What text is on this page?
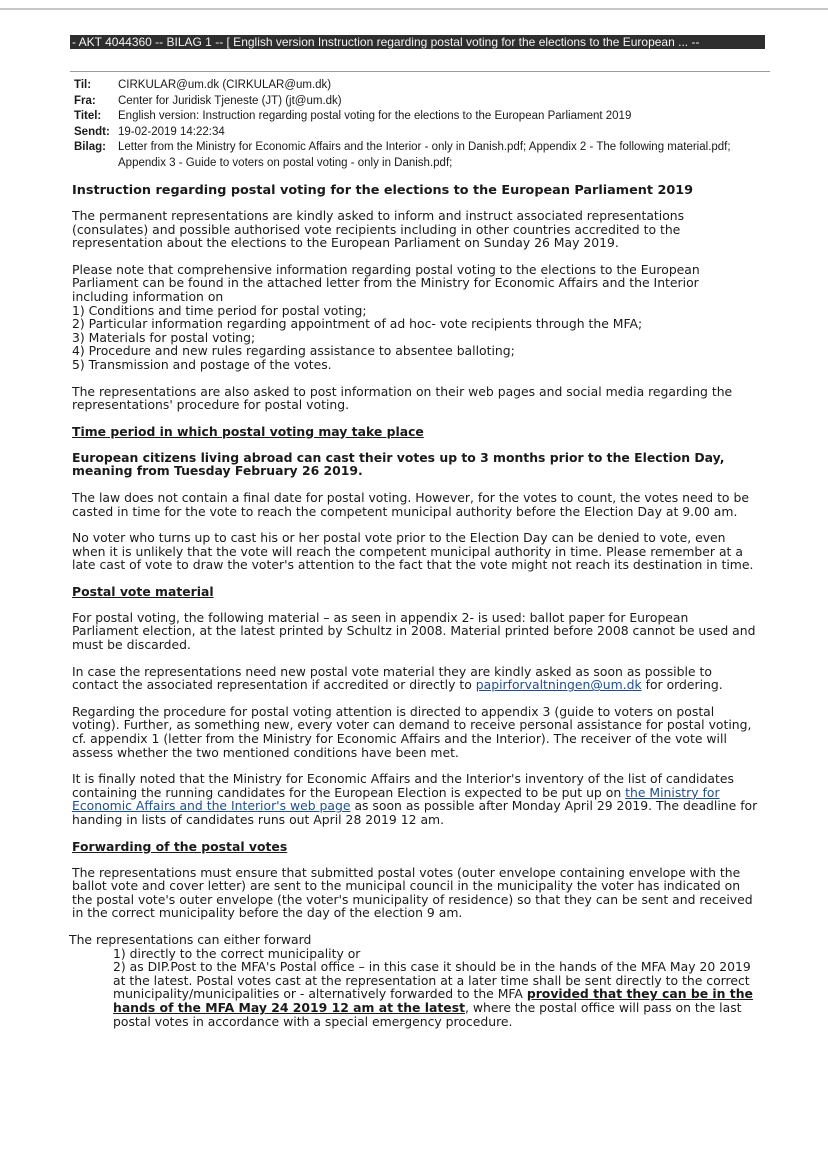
- AKT 4044360 -- BILAG 1 -- [ English version Instruction regarding postal voting for the elections to the European ... --
Til:	CIRKULAR@um.dk (CIRKULAR@um.dk)
Fra:	Center for Juridisk Tjeneste (JT) (jt@um.dk)
Titel:	English version: Instruction regarding postal voting for the elections to the European Parliament 2019
Sendt: 19-02-2019 14:22:34
Bilag:	Letter from the Ministry for Economic Affairs and the Interior - only in Danish.pdf; Appendix 2 - The following material.pdf; Appendix 3 - Guide to voters on postal voting - only in Danish.pdf;
Instruction regarding postal voting for the elections to the European Parliament 2019

The permanent representations are kindly asked to inform and instruct associated representations (consulates) and possible authorised vote recipients including in other countries accredited to the representation about the elections to the European Parliament on Sunday 26 May 2019.

Please note that comprehensive information regarding postal voting to the elections to the European Parliament can be found in the attached letter from the Ministry for Economic Affairs and the Interior including information on
1) Conditions and time period for postal voting;
2) Particular information regarding appointment of ad hoc- vote recipients through the MFA;
3) Materials for postal voting;
4) Procedure and new rules regarding assistance to absentee balloting;
5) Transmission and postage of the votes.

The representations are also asked to post information on their web pages and social media regarding the representations' procedure for postal voting.

Time period in which postal voting may take place

European citizens living abroad can cast their votes up to 3 months prior to the Election Day, meaning from Tuesday February 26 2019.

The law does not contain a final date for postal voting. However, for the votes to count, the votes need to be casted in time for the vote to reach the competent municipal authority before the Election Day at 9.00 am.

No voter who turns up to cast his or her postal vote prior to the Election Day can be denied to vote, even when it is unlikely that the vote will reach the competent municipal authority in time. Please remember at a late cast of vote to draw the voter's attention to the fact that the vote might not reach its destination in time.

Postal vote material

For postal voting, the following material – as seen in appendix 2- is used: ballot paper for European Parliament election, at the latest printed by Schultz in 2008. Material printed before 2008 cannot be used and must be discarded.

In case the representations need new postal vote material they are kindly asked as soon as possible to contact the associated representation if accredited or directly to papirforvaltningen@um.dk for ordering.

Regarding the procedure for postal voting attention is directed to appendix 3 (guide to voters on postal voting). Further, as something new, every voter can demand to receive personal assistance for postal voting, cf. appendix 1 (letter from the Ministry for Economic Affairs and the Interior). The receiver of the vote will assess whether the two mentioned conditions have been met.

It is finally noted that the Ministry for Economic Affairs and the Interior's inventory of the list of candidates containing the running candidates for the European Election is expected to be put up on the Ministry for Economic Affairs and the Interior's web page as soon as possible after Monday April 29 2019. The deadline for handing in lists of candidates runs out April 28 2019 12 am.

Forwarding of the postal votes

The representations must ensure that submitted postal votes (outer envelope containing envelope with the ballot vote and cover letter) are sent to the municipal council in the municipality the voter has indicated on the postal vote's outer envelope (the voter's municipality of residence) so that they can be sent and received in the correct municipality before the day of the election 9 am.

The representations can either forward
1) directly to the correct municipality or
2) as DIP.Post to the MFA's Postal office – in this case it should be in the hands of the MFA May 20 2019 at the latest. Postal votes cast at the representation at a later time shall be sent directly to the correct municipality/municipalities or - alternatively forwarded to the MFA provided that they can be in the hands of the MFA May 24 2019 12 am at the latest, where the postal office will pass on the last postal votes in accordance with a special emergency procedure.
